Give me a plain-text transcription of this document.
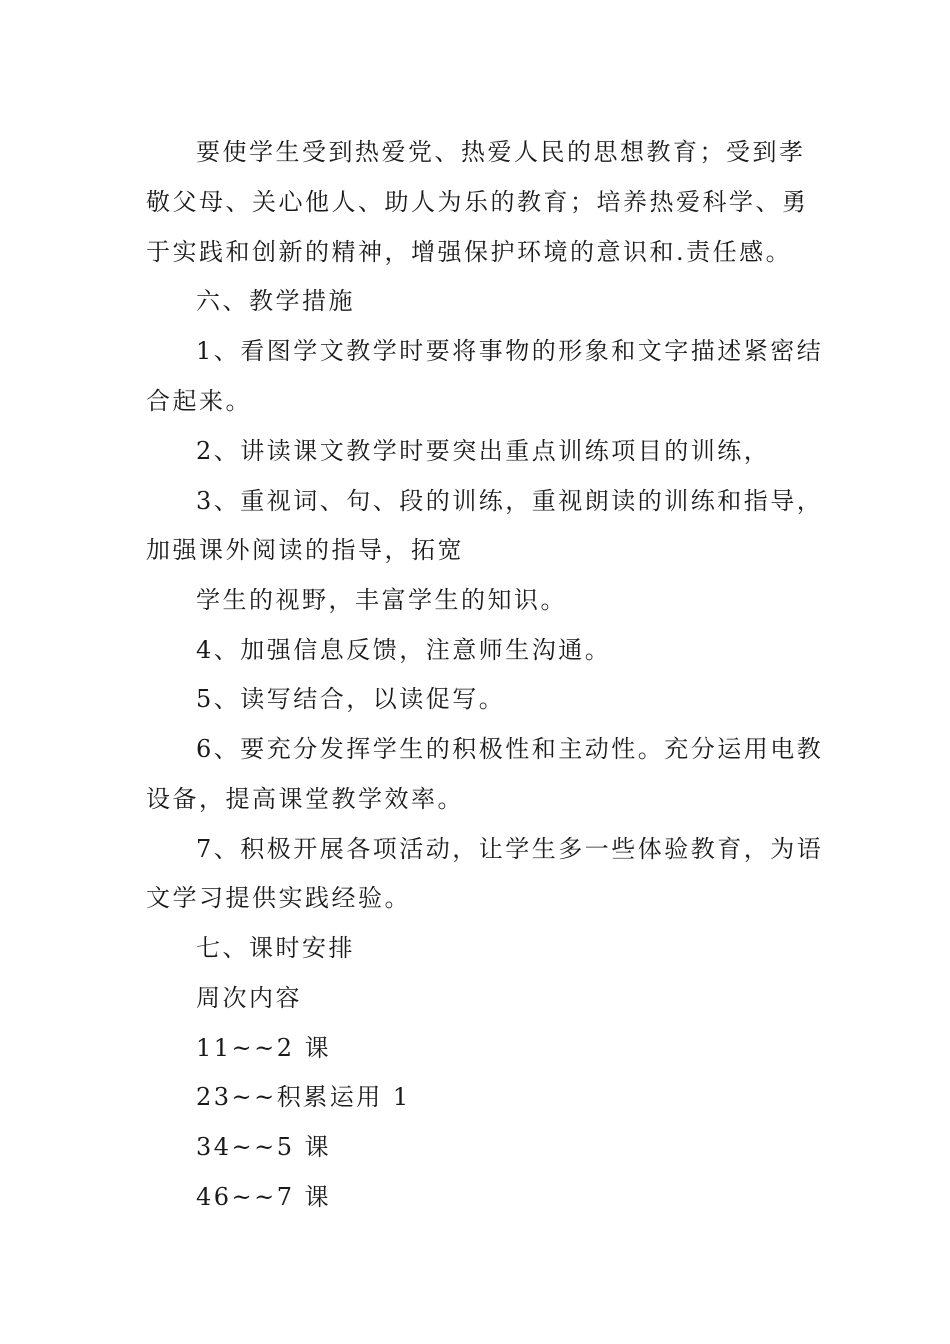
要使学生受到热爱党、热爱人民的思想教育；受到孝
敬父母、关心他人、助人为乐的教育；培养热爱科学、勇
于实践和创新的精神，增强保护环境的意识和.责任感。
六、教学措施
1、看图学文教学时要将事物的形象和文字描述紧密结
合起来。
2、讲读课文教学时要突出重点训练项目的训练，
3、重视词、句、段的训练，重视朗读的训练和指导，
加强课外阅读的指导，拓宽
学生的视野，丰富学生的知识。
4、加强信息反馈，注意师生沟通。
5、读写结合，以读促写。
6、要充分发挥学生的积极性和主动性。充分运用电教
设备，提高课堂教学效率。
7、积极开展各项活动，让学生多一些体验教育，为语
文学习提供实践经验。
七、课时安排
周次内容
11~~2 课
23~~积累运用 1
34~~5 课
46~~7 课
